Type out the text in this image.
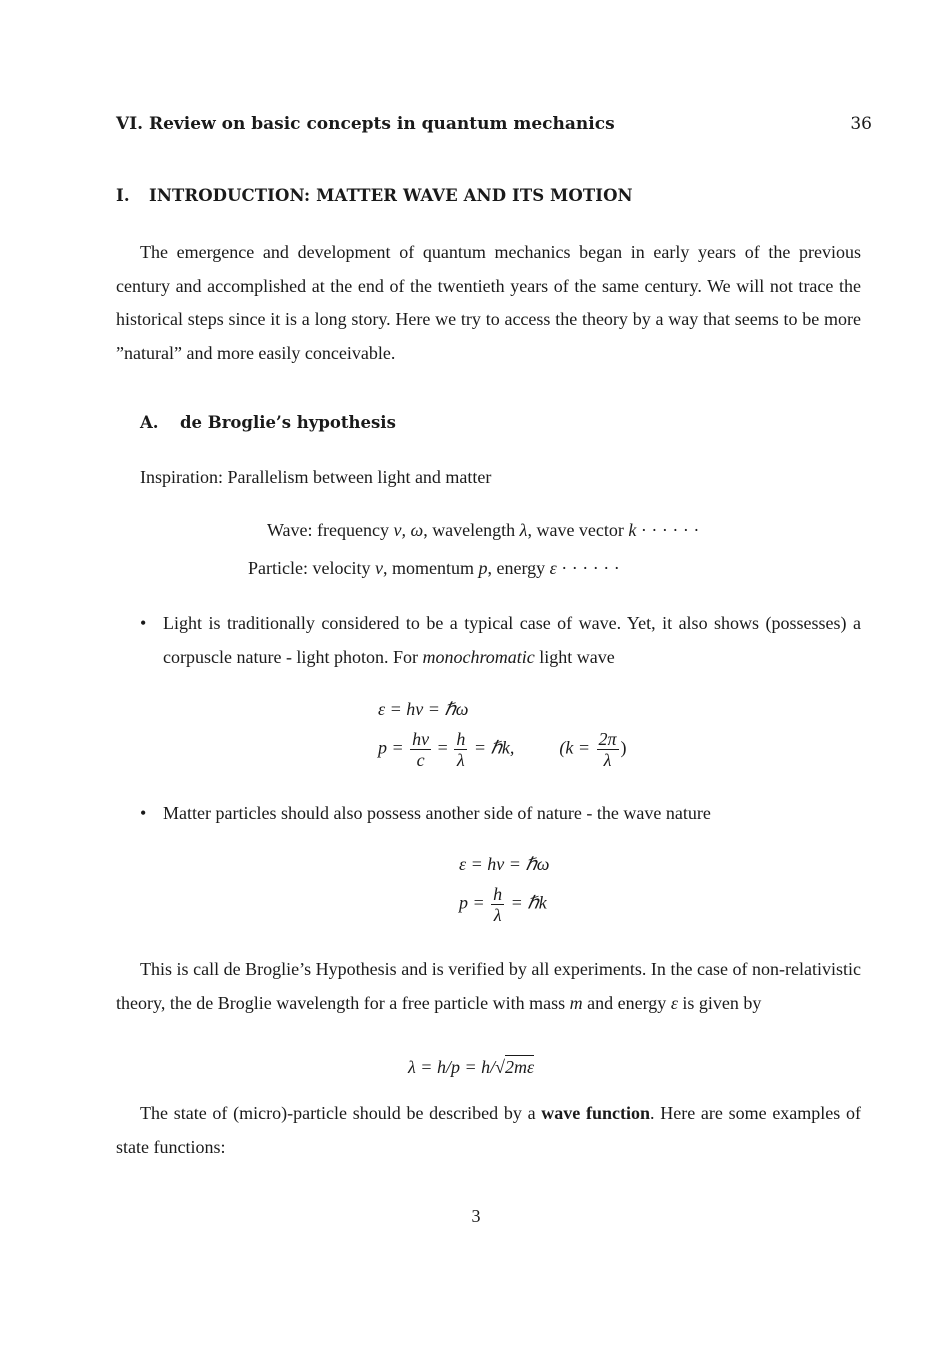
VI. Review on basic concepts in quantum mechanics	36
I. INTRODUCTION: MATTER WAVE AND ITS MOTION
The emergence and development of quantum mechanics began in early years of the previous century and accomplished at the end of the twentieth years of the same century. We will not trace the historical steps since it is a long story. Here we try to access the theory by a way that seems to be more ”natural” and more easily conceivable.
A. de Broglie’s hypothesis
Inspiration: Parallelism between light and matter
Wave: frequency ν, ω, wavelength λ, wave vector k · · · · · ·
Particle: velocity v, momentum p, energy ε · · · · · ·
• Light is traditionally considered to be a typical case of wave. Yet, it also shows (possesses) a corpuscle nature - light photon. For monochromatic light wave
ε = hν = ℏω
$p = \frac{h\nu}{c} = \frac{h}{\lambda}$ = ℏk,	($k = \frac{2\pi}{\lambda}$ )
• Matter particles should also possess another side of nature - the wave nature
ε = hν = ℏω
$p = \frac{h}{\lambda}$ = ℏk
This is call de Broglie’s Hypothesis and is verified by all experiments. In the case of non-relativistic theory, the de Broglie wavelength for a free particle with mass m and energy ε is given by
λ = h/p = h/√2mε
The state of (micro)-particle should be described by a wave function. Here are some examples of state functions:
3
